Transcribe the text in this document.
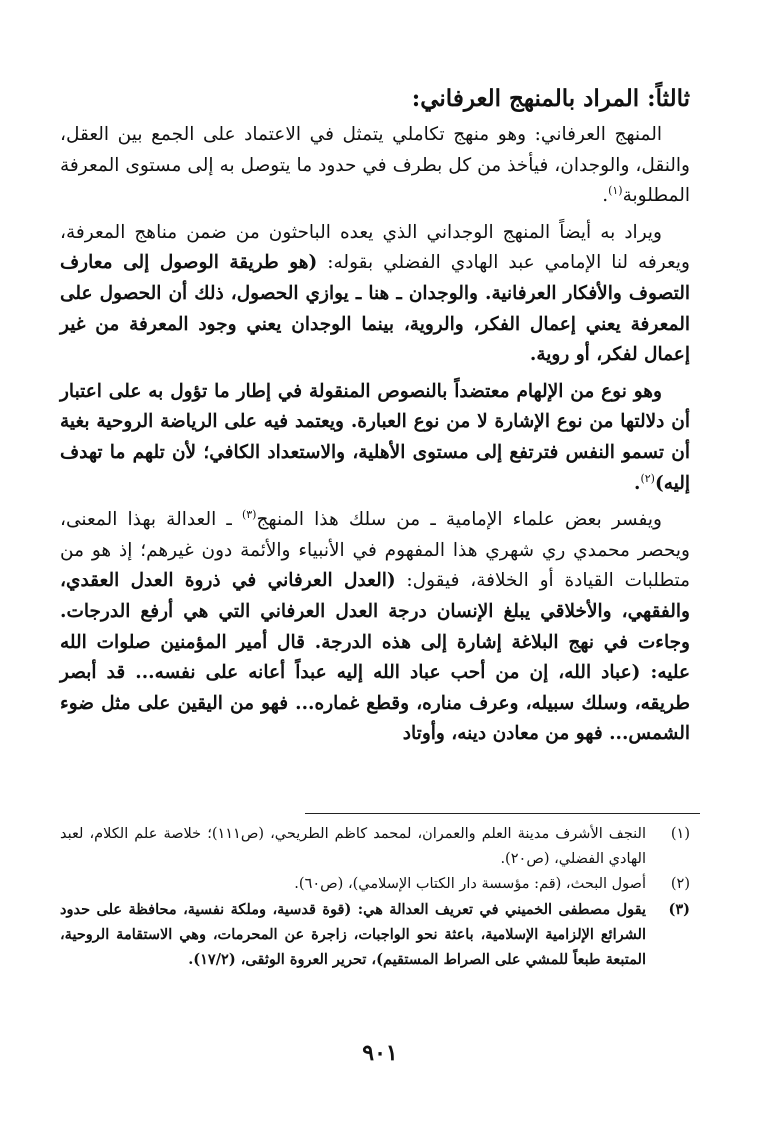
ثالثاً: المراد بالمنهج العرفاني:

المنهج العرفاني: وهو منهج تكاملي يتمثل في الاعتماد على الجمع بين العقل، والنقل، والوجدان، فيأخذ من كل بطرف في حدود ما يتوصل به إلى مستوى المعرفة المطلوبة$^{(١)}$.

ويراد به أيضاً المنهج الوجداني الذي يعده الباحثون من ضمن مناهج المعرفة، ويعرفه لنا الإمامي عبد الهادي الفضلي بقوله: (هو طريقة الوصول إلى معارف التصوف والأفكار العرفانية. والوجدان ـ هنا ـ يوازي الحصول، ذلك أن الحصول على المعرفة يعني إعمال الفكر، والروية، بينما الوجدان يعني وجود المعرفة من غير إعمال لفكر، أو روية.

وهو نوع من الإلهام معتضداً بالنصوص المنقولة في إطار ما تؤول به على اعتبار أن دلالتها من نوع الإشارة لا من نوع العبارة. ويعتمد فيه على الرياضة الروحية بغية أن تسمو النفس فترتفع إلى مستوى الأهلية، والاستعداد الكافي؛ لأن تلهم ما تهدف إليه)$^{(٢)}$.

ويفسر بعض علماء الإمامية ـ من سلك هذا المنهج$^{(٣)}$ ـ العدالة بهذا المعنى، ويحصر محمدي ري شهري هذا المفهوم في الأنبياء والأئمة دون غيرهم؛ إذ هو من متطلبات القيادة أو الخلافة، فيقول: (العدل العرفاني في ذروة العدل العقدي، والفقهي، والأخلاقي يبلغ الإنسان درجة العدل العرفاني التي هي أرفع الدرجات. وجاءت في نهج البلاغة إشارة إلى هذه الدرجة. قال أمير المؤمنين صلوات الله عليه: (عباد الله، إن من أحب عباد الله إليه عبداً أعانه على نفسه... قد أبصر طريقه، وسلك سبيله، وعرف مناره، وقطع غماره... فهو من اليقين على مثل ضوء الشمس... فهو من معادن دينه، وأوتاد

(١)
النجف الأشرف مدينة العلم والعمران، لمحمد كاظم الطريحي، (ص١١١)؛ خلاصة علم الكلام، لعبد الهادي الفضلي، (ص٢٠).
(٢)
أصول البحث، (قم: مؤسسة دار الكتاب الإسلامي)، (ص٦٠).
(٣)
يقول مصطفى الخميني في تعريف العدالة هي: (قوة قدسية، وملكة نفسية، محافظة على حدود الشرائع الإلزامية الإسلامية، باعثة نحو الواجبات، زاجرة عن المحرمات، وهي الاستقامة الروحية، المتبعة طبعاً للمشي على الصراط المستقيم)، تحرير العروة الوثقى، (١٧/٢).
٩٠١
